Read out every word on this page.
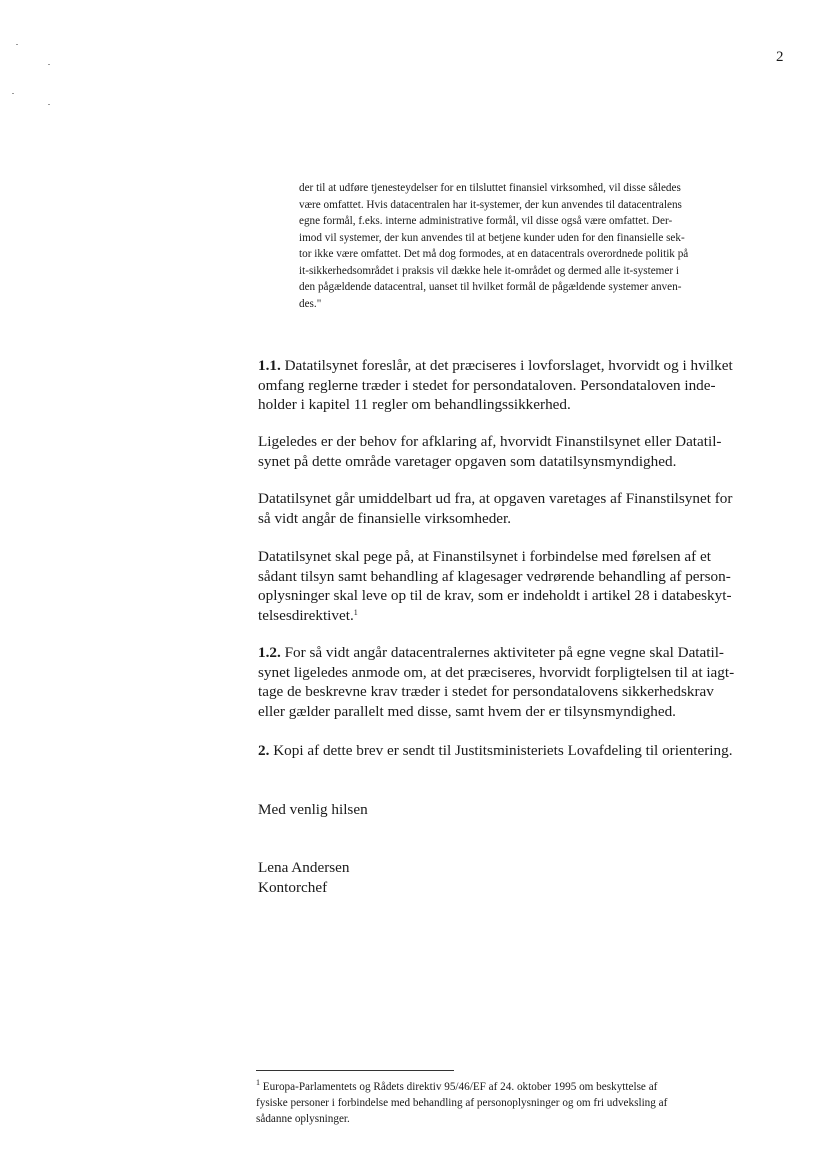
2
der til at udføre tjenesteydelser for en tilsluttet finansiel virksomhed, vil disse således
være omfattet. Hvis datacentralen har it-systemer, der kun anvendes til datacentralens
egne formål, f.eks. interne administrative formål, vil disse også være omfattet. Der-
imod vil systemer, der kun anvendes til at betjene kunder uden for den finansielle sek-
tor ikke være omfattet. Det må dog formodes, at en datacentrals overordnede politik på
it-sikkerhedsområdet i praksis vil dække hele it-området og dermed alle it-systemer i
den pågældende datacentral, uanset til hvilket formål de pågældende systemer anven-
des."
1.1. Datatilsynet foreslår, at det præciseres i lovforslaget, hvorvidt og i hvilket
omfang reglerne træder i stedet for persondataloven. Persondataloven inde-
holder i kapitel 11 regler om behandlingssikkerhed.
Ligeledes er der behov for afklaring af, hvorvidt Finanstilsynet eller Datatil-
synet på dette område varetager opgaven som datatilsynsmyndighed.
Datatilsynet går umiddelbart ud fra, at opgaven varetages af Finanstilsynet for
så vidt angår de finansielle virksomheder.
Datatilsynet skal pege på, at Finanstilsynet i forbindelse med førelsen af et
sådant tilsyn samt behandling af klagesager vedrørende behandling af person-
oplysninger skal leve op til de krav, som er indeholdt i artikel 28 i databeskyt-
telsesdirektivet.$^1$
1.2. For så vidt angår datacentralernes aktiviteter på egne vegne skal Datatil-
synet ligeledes anmode om, at det præciseres, hvorvidt forpligtelsen til at iagt-
tage de beskrevne krav træder i stedet for persondatalovens sikkerhedskrav
eller gælder parallelt med disse, samt hvem der er tilsynsmyndighed.
2. Kopi af dette brev er sendt til Justitsministeriets Lovafdeling til orientering.
Med venlig hilsen
Lena Andersen
Kontorchef
$^1$ Europa-Parlamentets og Rådets direktiv 95/46/EF af 24. oktober 1995 om beskyttelse af
fysiske personer i forbindelse med behandling af personoplysninger og om fri udveksling af
sådanne oplysninger.
